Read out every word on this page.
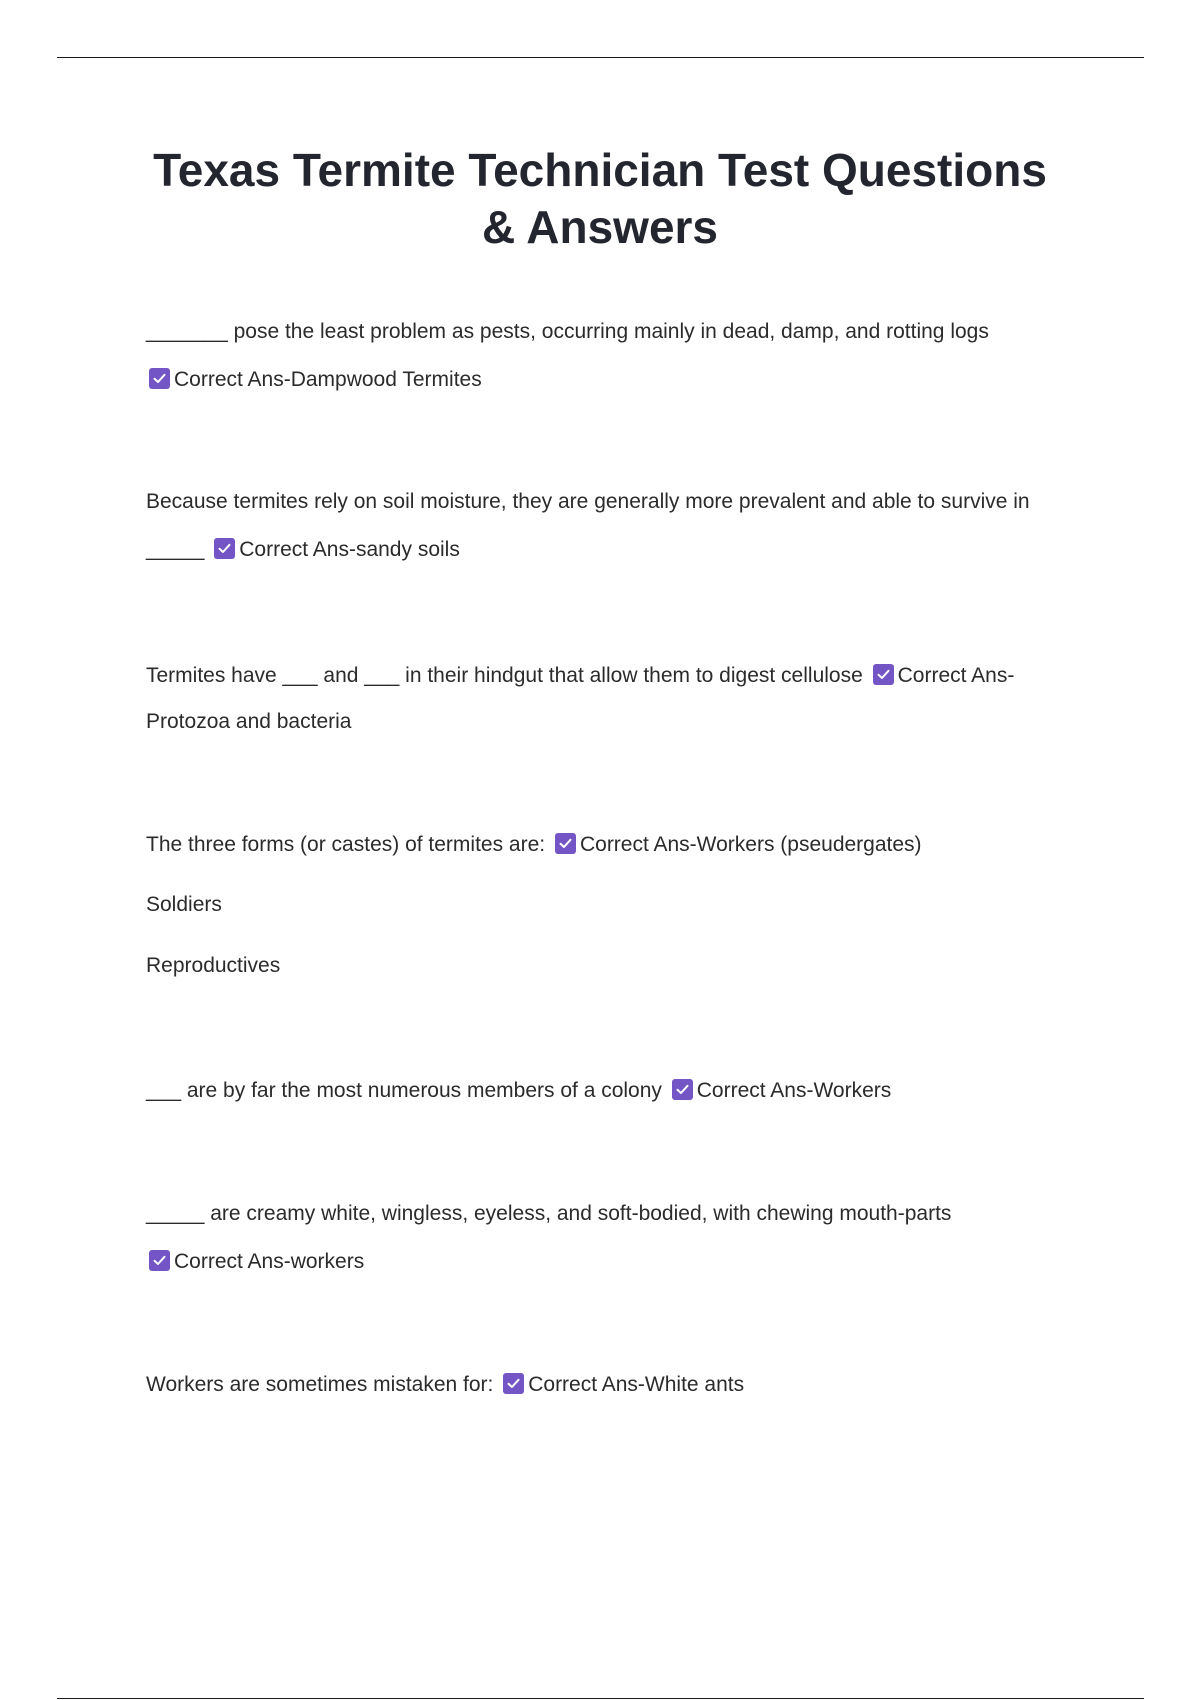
Texas Termite Technician Test Questions
& Answers

_______ pose the least problem as pests, occurring mainly in dead, damp, and rotting logs

Correct Ans-Dampwood Termites

Because termites rely on soil moisture, they are generally more prevalent and able to survive in

_____ Correct Ans-sandy soils

Termites have ___ and ___ in their hindgut that allow them to digest cellulose Correct Ans-

Protozoa and bacteria

The three forms (or castes) of termites are: Correct Ans-Workers (pseudergates)

Soldiers

Reproductives

___ are by far the most numerous members of a colony Correct Ans-Workers

_____ are creamy white, wingless, eyeless, and soft-bodied, with chewing mouth-parts

Correct Ans-workers

Workers are sometimes mistaken for: Correct Ans-White ants
